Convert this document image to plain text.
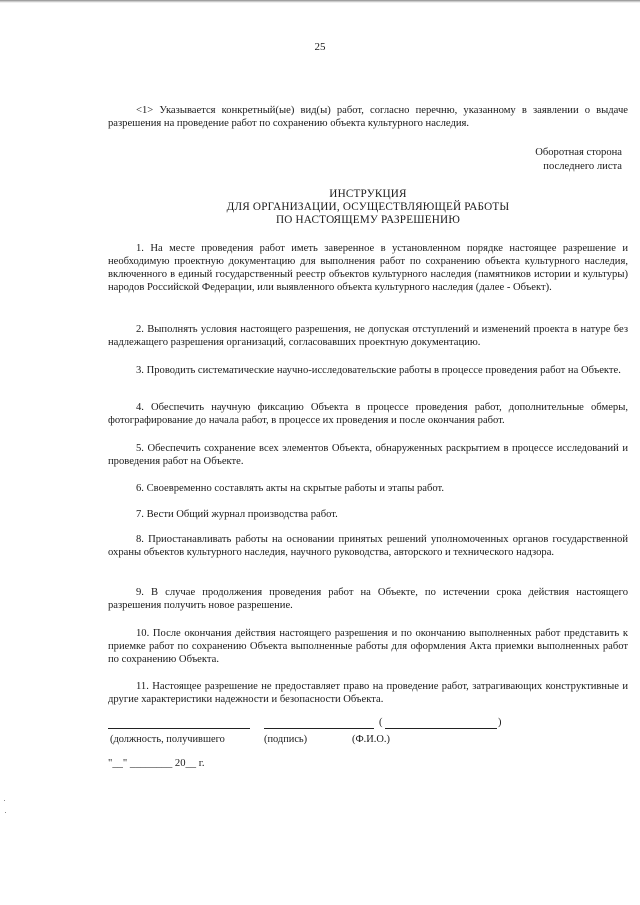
25
<1> Указывается конкретный(ые) вид(ы) работ, согласно перечню, указанному в заявлении о выдаче разрешения на проведение работ по сохранению объекта культурного наследия.
Оборотная сторона
последнего листа
ИНСТРУКЦИЯ
ДЛЯ ОРГАНИЗАЦИИ, ОСУЩЕСТВЛЯЮЩЕЙ РАБОТЫ
ПО НАСТОЯЩЕМУ РАЗРЕШЕНИЮ
1. На месте проведения работ иметь заверенное в установленном порядке настоящее разрешение и необходимую проектную документацию для выполнения работ по сохранению объекта культурного наследия, включенного в единый государственный реестр объектов культурного наследия (памятников истории и культуры) народов Российской Федерации, или выявленного объекта культурного наследия (далее - Объект).
2. Выполнять условия настоящего разрешения, не допуская отступлений и изменений проекта в натуре без надлежащего разрешения организаций, согласовавших проектную документацию.
3. Проводить систематические научно-исследовательские работы в процессе проведения работ на Объекте.
4. Обеспечить научную фиксацию Объекта в процессе проведения работ, дополнительные обмеры, фотографирование до начала работ, в процессе их проведения и после окончания работ.
5. Обеспечить сохранение всех элементов Объекта, обнаруженных раскрытием в процессе исследований и проведения работ на Объекте.
6. Своевременно составлять акты на скрытые работы и этапы работ.
7. Вести Общий журнал производства работ.
8. Приостанавливать работы на основании принятых решений уполномоченных органов государственной охраны объектов культурного наследия, научного руководства, авторского и технического надзора.
9. В случае продолжения проведения работ на Объекте, по истечении срока действия настоящего разрешения получить новое разрешение.
10. После окончания действия настоящего разрешения и по окончанию выполненных работ представить к приемке работ по сохранению Объекта выполненные работы для оформления Акта приемки выполненных работ по сохранению Объекта.
11. Настоящее разрешение не предоставляет право на проведение работ, затрагивающих конструктивные и другие характеристики надежности и безопасности Объекта.
(	)
(должность, получившего	(подпись)	(Ф.И.О.)
"__" ________ 20__ г.
